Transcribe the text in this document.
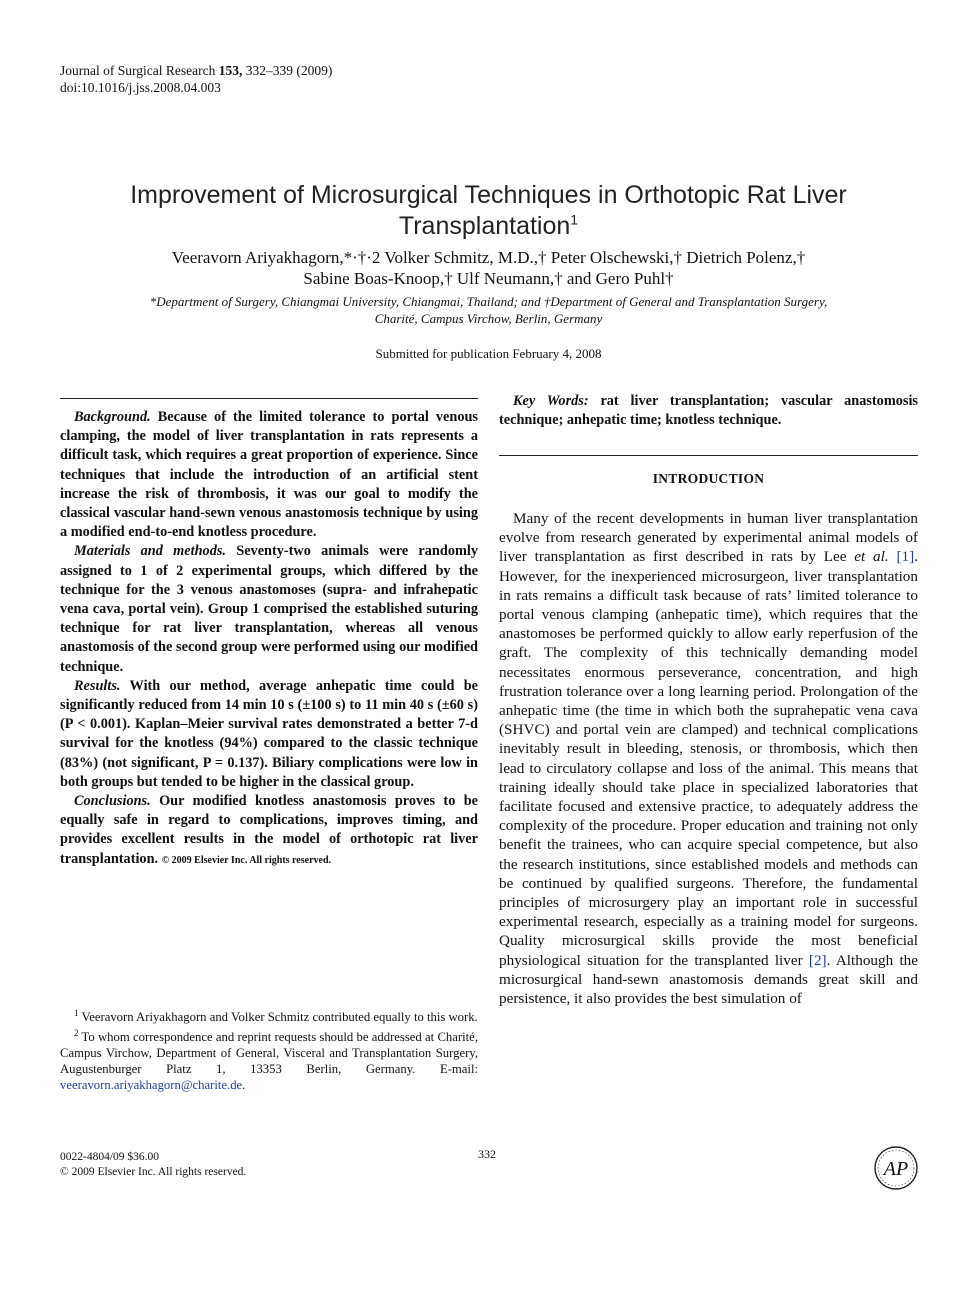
Journal of Surgical Research 153, 332–339 (2009)
doi:10.1016/j.jss.2008.04.003
Improvement of Microsurgical Techniques in Orthotopic Rat Liver Transplantation$^1$
Veeravorn Ariyakhagorn,*·†·2 Volker Schmitz, M.D.,† Peter Olschewski,† Dietrich Polenz,†
Sabine Boas-Knoop,† Ulf Neumann,† and Gero Puhl†
*Department of Surgery, Chiangmai University, Chiangmai, Thailand; and †Department of General and Transplantation Surgery,
Charité, Campus Virchow, Berlin, Germany
Submitted for publication February 4, 2008

Background. Because of the limited tolerance to portal venous clamping, the model of liver transplantation in rats represents a difficult task, which requires a great proportion of experience. Since techniques that include the introduction of an artificial stent increase the risk of thrombosis, it was our goal to modify the classical vascular hand-sewn venous anastomosis technique by using a modified end-to-end knotless procedure.

Materials and methods. Seventy-two animals were randomly assigned to 1 of 2 experimental groups, which differed by the technique for the 3 venous anastomoses (supra- and infrahepatic vena cava, portal vein). Group 1 comprised the established suturing technique for rat liver transplantation, whereas all venous anastomosis of the second group were performed using our modified technique.

Results. With our method, average anhepatic time could be significantly reduced from 14 min 10 s (±100 s) to 11 min 40 s (±60 s) (P < 0.001). Kaplan–Meier survival rates demonstrated a better 7-d survival for the knotless (94%) compared to the classic technique (83%) (not significant, P = 0.137). Biliary complications were low in both groups but tended to be higher in the classical group.

Conclusions. Our modified knotless anastomosis proves to be equally safe in regard to complications, improves timing, and provides excellent results in the model of orthotopic rat liver transplantation. © 2009 Elsevier Inc. All rights reserved.

Key Words: rat liver transplantation; vascular anastomosis technique; anhepatic time; knotless technique.
INTRODUCTION

Many of the recent developments in human liver transplantation evolve from research generated by experimental animal models of liver transplantation as first described in rats by Lee et al. [1]. However, for the inexperienced microsurgeon, liver transplantation in rats remains a difficult task because of rats’ limited tolerance to portal venous clamping (anhepatic time), which requires that the anastomoses be performed quickly to allow early reperfusion of the graft. The complexity of this technically demanding model necessitates enormous perseverance, concentration, and high frustration tolerance over a long learning period. Prolongation of the anhepatic time (the time in which both the suprahepatic vena cava (SHVC) and portal vein are clamped) and technical complications inevitably result in bleeding, stenosis, or thrombosis, which then lead to circulatory collapse and loss of the animal. This means that training ideally should take place in specialized laboratories that facilitate focused and extensive practice, to adequately address the complexity of the procedure. Proper education and training not only benefit the trainees, who can acquire special competence, but also the research institutions, since established models and methods can be continued by qualified surgeons. Therefore, the fundamental principles of microsurgery play an important role in successful experimental research, especially as a training model for surgeons. Quality microsurgical skills provide the most beneficial physiological situation for the transplanted liver [2]. Although the microsurgical hand-sewn anastomosis demands great skill and persistence, it also provides the best simulation of

$^1$ Veeravorn Ariyakhagorn and Volker Schmitz contributed equally to this work.

$^2$ To whom correspondence and reprint requests should be addressed at Charité, Campus Virchow, Department of General, Visceral and Transplantation Surgery, Augustenburger Platz 1, 13353 Berlin, Germany. E-mail: veeravorn.ariyakhagorn@charite.de.

0022-4804/09 $36.00
© 2009 Elsevier Inc. All rights reserved.
332
AP
